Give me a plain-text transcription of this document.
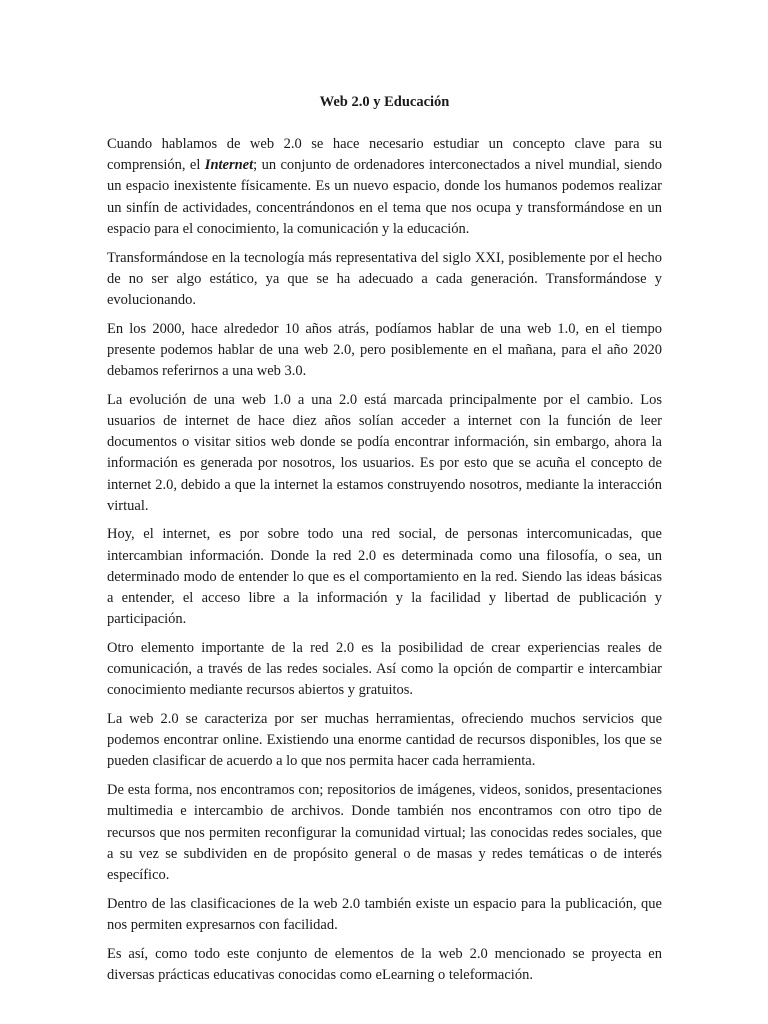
Web 2.0 y Educación

Cuando hablamos de web 2.0 se hace necesario estudiar un concepto clave para su comprensión, el Internet; un conjunto de ordenadores interconectados a nivel mundial, siendo un espacio inexistente físicamente. Es un nuevo espacio, donde los humanos podemos realizar un sinfín de actividades, concentrándonos en el tema que nos ocupa y transformándose en un espacio para el conocimiento, la comunicación y la educación.

Transformándose en la tecnología más representativa del siglo XXI, posiblemente por el hecho de no ser algo estático, ya que se ha adecuado a cada generación. Transformándose y evolucionando.

En los 2000, hace alrededor 10 años atrás, podíamos hablar de una web 1.0, en el tiempo presente podemos hablar de una web 2.0, pero posiblemente en el mañana, para el año 2020 debamos referirnos a una web 3.0.

La evolución de una web 1.0 a una 2.0 está marcada principalmente por el cambio. Los usuarios de internet de hace diez años solían acceder a internet con la función de leer documentos o visitar sitios web donde se podía encontrar información, sin embargo, ahora la información es generada por nosotros, los usuarios. Es por esto que se acuña el concepto de internet 2.0, debido a que la internet la estamos construyendo nosotros, mediante la interacción virtual.

Hoy, el internet, es por sobre todo una red social, de personas intercomunicadas, que intercambian información. Donde la red 2.0 es determinada como una filosofía, o sea, un determinado modo de entender lo que es el comportamiento en la red. Siendo las ideas básicas a entender, el acceso libre a la información y la facilidad y libertad de publicación y participación.

Otro elemento importante de la red 2.0 es la posibilidad de crear experiencias reales de comunicación, a través de las redes sociales. Así como la opción de compartir e intercambiar conocimiento mediante recursos abiertos y gratuitos.

La web 2.0 se caracteriza por ser muchas herramientas, ofreciendo muchos servicios que podemos encontrar online. Existiendo una enorme cantidad de recursos disponibles, los que se pueden clasificar de acuerdo a lo que nos permita hacer cada herramienta.

De esta forma, nos encontramos con; repositorios de imágenes, videos, sonidos, presentaciones multimedia e intercambio de archivos. Donde también nos encontramos con otro tipo de recursos que nos permiten reconfigurar la comunidad virtual; las conocidas redes sociales, que a su vez se subdividen en de propósito general o de masas y redes temáticas o de interés específico.

Dentro de las clasificaciones de la web 2.0 también existe un espacio para la publicación, que nos permiten expresarnos con facilidad.

Es así, como todo este conjunto de elementos de la web 2.0 mencionado se proyecta en diversas prácticas educativas conocidas como eLearning o teleformación.
